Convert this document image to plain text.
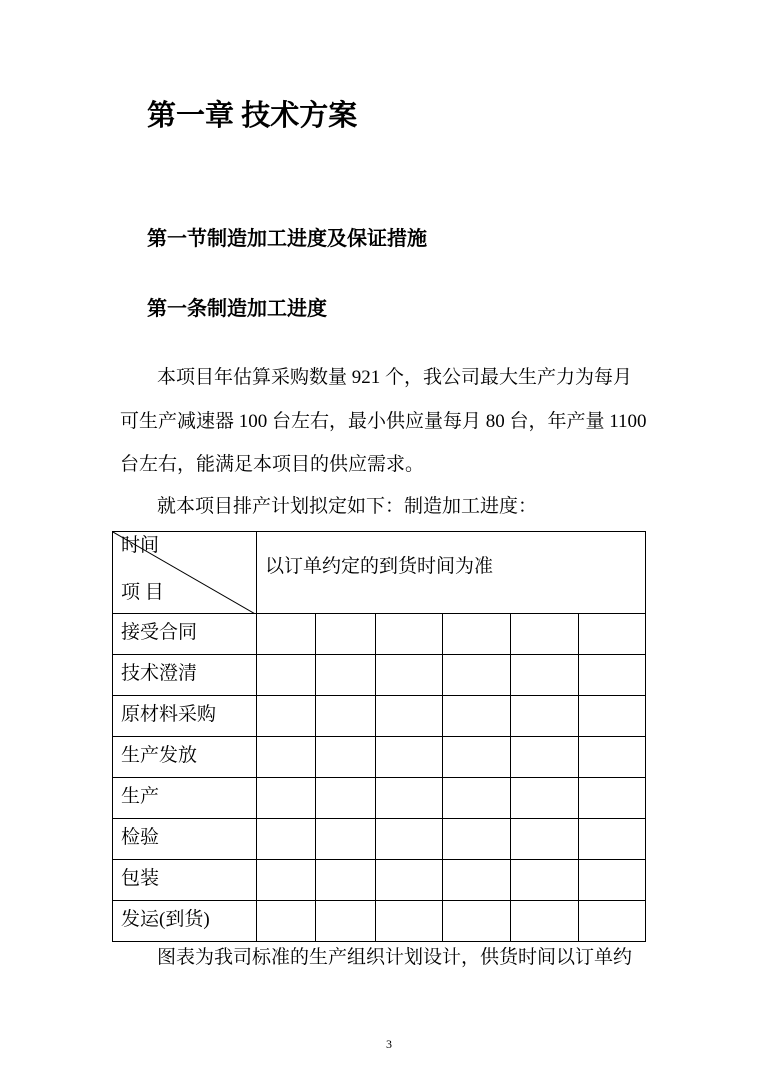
第一章 技术方案
第一节制造加工进度及保证措施
第一条制造加工进度
本项目年估算采购数量 921 个，我公司最大生产力为每月
可生产减速器 100 台左右，最小供应量每月 80 台，年产量 1100
台左右，能满足本项目的供应需求。
就本项目排产计划拟定如下：制造加工进度：
时间
项 目	以订单约定的到货时间为准					
接受合同						
技术澄清						
原材料采购						
生产发放						
生产						
检验						
包装						
发运(到货)						
图表为我司标准的生产组织计划设计，供货时间以订单约
3
